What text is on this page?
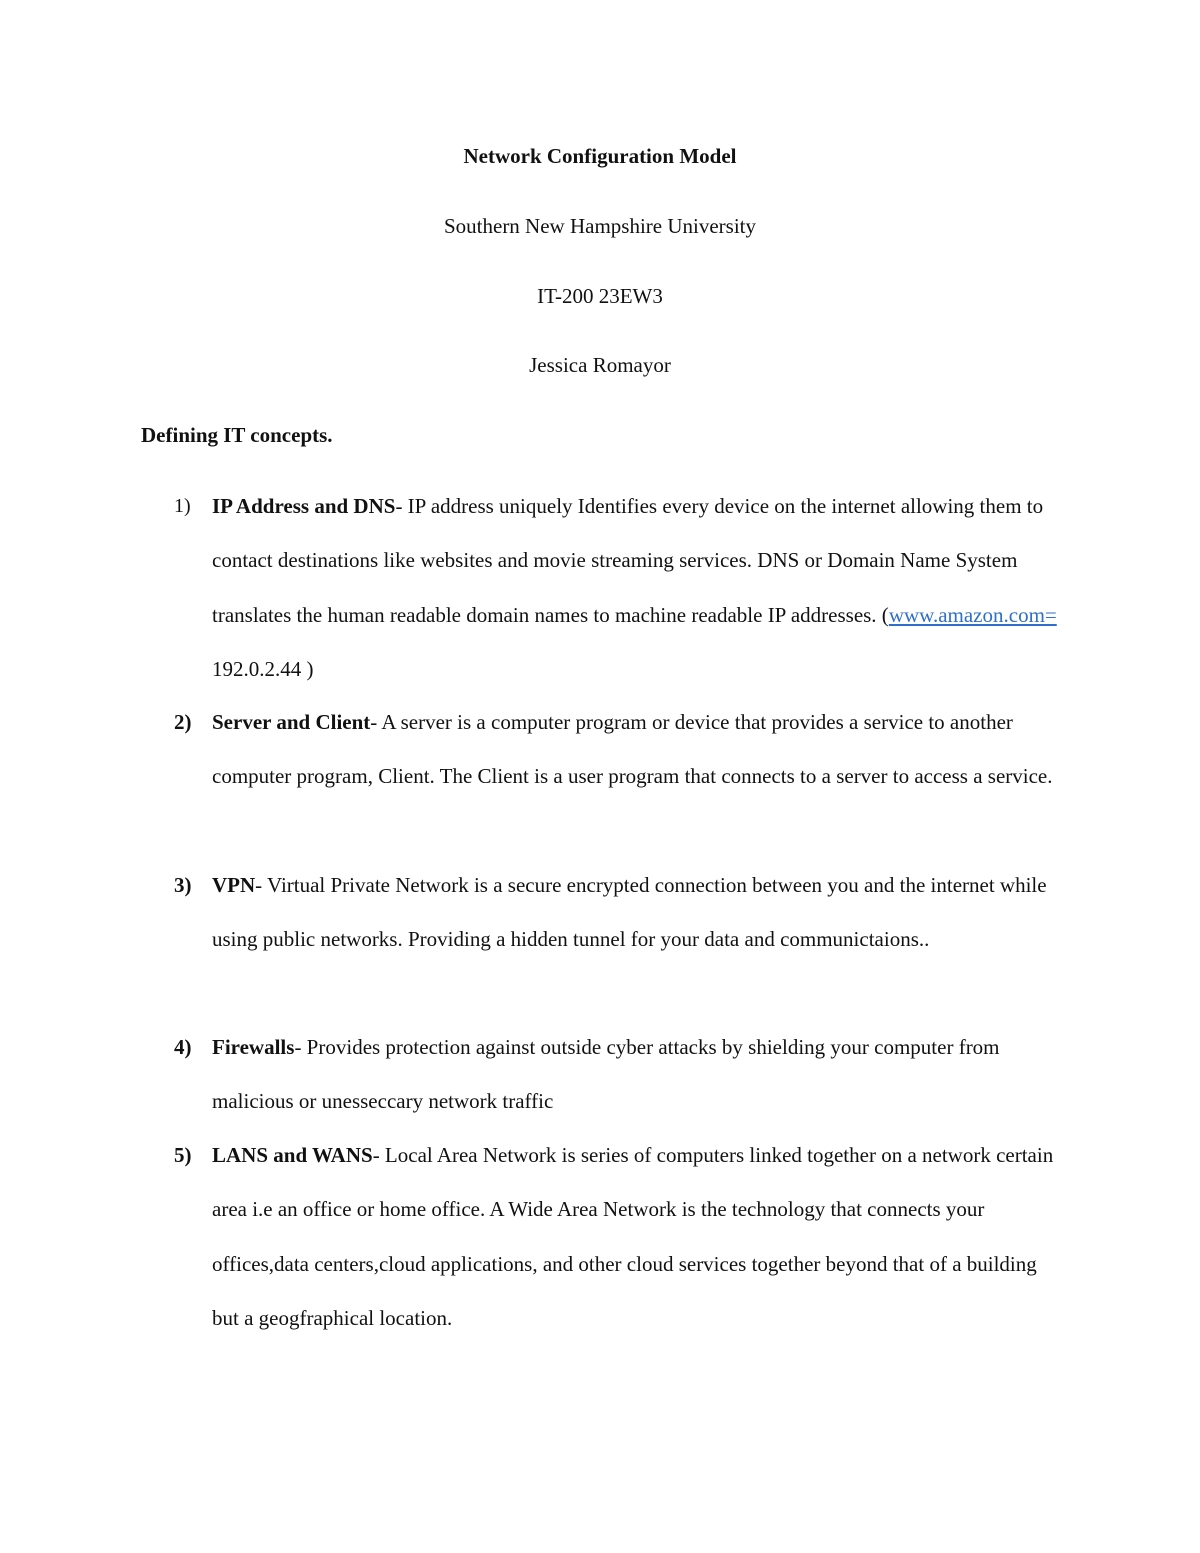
Network Configuration Model
Southern New Hampshire University
IT-200 23EW3
Jessica Romayor
Defining IT concepts.
1) IP Address and DNS- IP address uniquely Identifies every device on the internet allowing them to contact destinations like websites and movie streaming services. DNS or Domain Name System translates the human readable domain names to machine readable IP addresses. (www.amazon.com= 192.0.2.44 )
2) Server and Client- A server is a computer program or device that provides a service to another computer program, Client. The Client is a user program that connects to a server to access a service.
3) VPN- Virtual Private Network is a secure encrypted connection between you and the internet while using public networks. Providing a hidden tunnel for your data and communictaions..
4) Firewalls- Provides protection against outside cyber attacks by shielding your computer from malicious or unesseccary network traffic
5) LANS and WANS- Local Area Network is series of computers linked together on a network certain area i.e an office or home office. A Wide Area Network is the technology that connects your offices,data centers,cloud applications, and other cloud services together beyond that of a building but a geogfraphical location.
